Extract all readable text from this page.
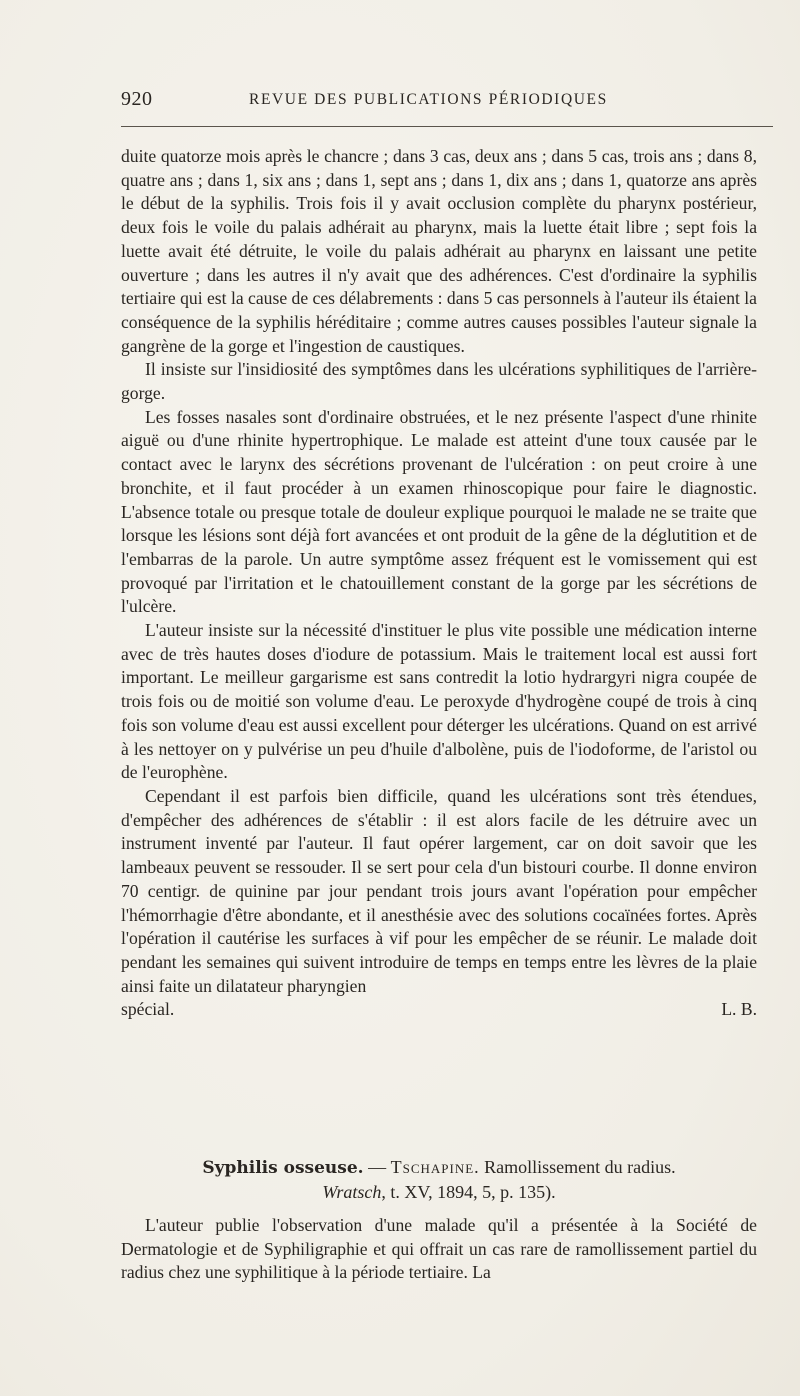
920	REVUE DES PUBLICATIONS PÉRIODIQUES

duite quatorze mois après le chancre ; dans 3 cas, deux ans ; dans 5 cas, trois ans ; dans 8, quatre ans ; dans 1, six ans ; dans 1, sept ans ; dans 1, dix ans ; dans 1, quatorze ans après le début de la syphilis. Trois fois il y avait occlusion complète du pharynx postérieur, deux fois le voile du palais adhérait au pharynx, mais la luette était libre ; sept fois la luette avait été détruite, le voile du palais adhérait au pharynx en laissant une petite ouverture ; dans les autres il n'y avait que des adhérences. C'est d'ordinaire la syphilis tertiaire qui est la cause de ces délabrements : dans 5 cas personnels à l'auteur ils étaient la conséquence de la syphilis héréditaire ; comme autres causes possibles l'auteur signale la gangrène de la gorge et l'ingestion de caustiques.

Il insiste sur l'insidiosité des symptômes dans les ulcérations syphilitiques de l'arrière-gorge.

Les fosses nasales sont d'ordinaire obstruées, et le nez présente l'aspect d'une rhinite aiguë ou d'une rhinite hypertrophique. Le malade est atteint d'une toux causée par le contact avec le larynx des sécrétions provenant de l'ulcération : on peut croire à une bronchite, et il faut procéder à un examen rhinoscopique pour faire le diagnostic. L'absence totale ou presque totale de douleur explique pourquoi le malade ne se traite que lorsque les lésions sont déjà fort avancées et ont produit de la gêne de la déglutition et de l'embarras de la parole. Un autre symptôme assez fréquent est le vomissement qui est provoqué par l'irritation et le chatouillement constant de la gorge par les sécrétions de l'ulcère.

L'auteur insiste sur la nécessité d'instituer le plus vite possible une médication interne avec de très hautes doses d'iodure de potassium. Mais le traitement local est aussi fort important. Le meilleur gargarisme est sans contredit la lotio hydrargyri nigra coupée de trois fois ou de moitié son volume d'eau. Le peroxyde d'hydrogène coupé de trois à cinq fois son volume d'eau est aussi excellent pour déterger les ulcérations. Quand on est arrivé à les nettoyer on y pulvérise un peu d'huile d'albolène, puis de l'iodoforme, de l'aristol ou de l'europhène.

Cependant il est parfois bien difficile, quand les ulcérations sont très étendues, d'empêcher des adhérences de s'établir : il est alors facile de les détruire avec un instrument inventé par l'auteur. Il faut opérer largement, car on doit savoir que les lambeaux peuvent se ressouder. Il se sert pour cela d'un bistouri courbe. Il donne environ 70 centigr. de quinine par jour pendant trois jours avant l'opération pour empêcher l'hémorrhagie d'être abondante, et il anesthésie avec des solutions cocaïnées fortes. Après l'opération il cautérise les surfaces à vif pour les empêcher de se réunir. Le malade doit pendant les semaines qui suivent introduire de temps en temps entre les lèvres de la plaie ainsi faite un dilatateur pharyngien

spécial.	L. B.

Syphilis osseuse. — Tschapine. Ramollissement du radius.
Wratsch, t. XV, 1894, 5, p. 135).

L'auteur publie l'observation d'une malade qu'il a présentée à la Société de Dermatologie et de Syphiligraphie et qui offrait un cas rare de ramollissement partiel du radius chez une syphilitique à la période tertiaire. La
